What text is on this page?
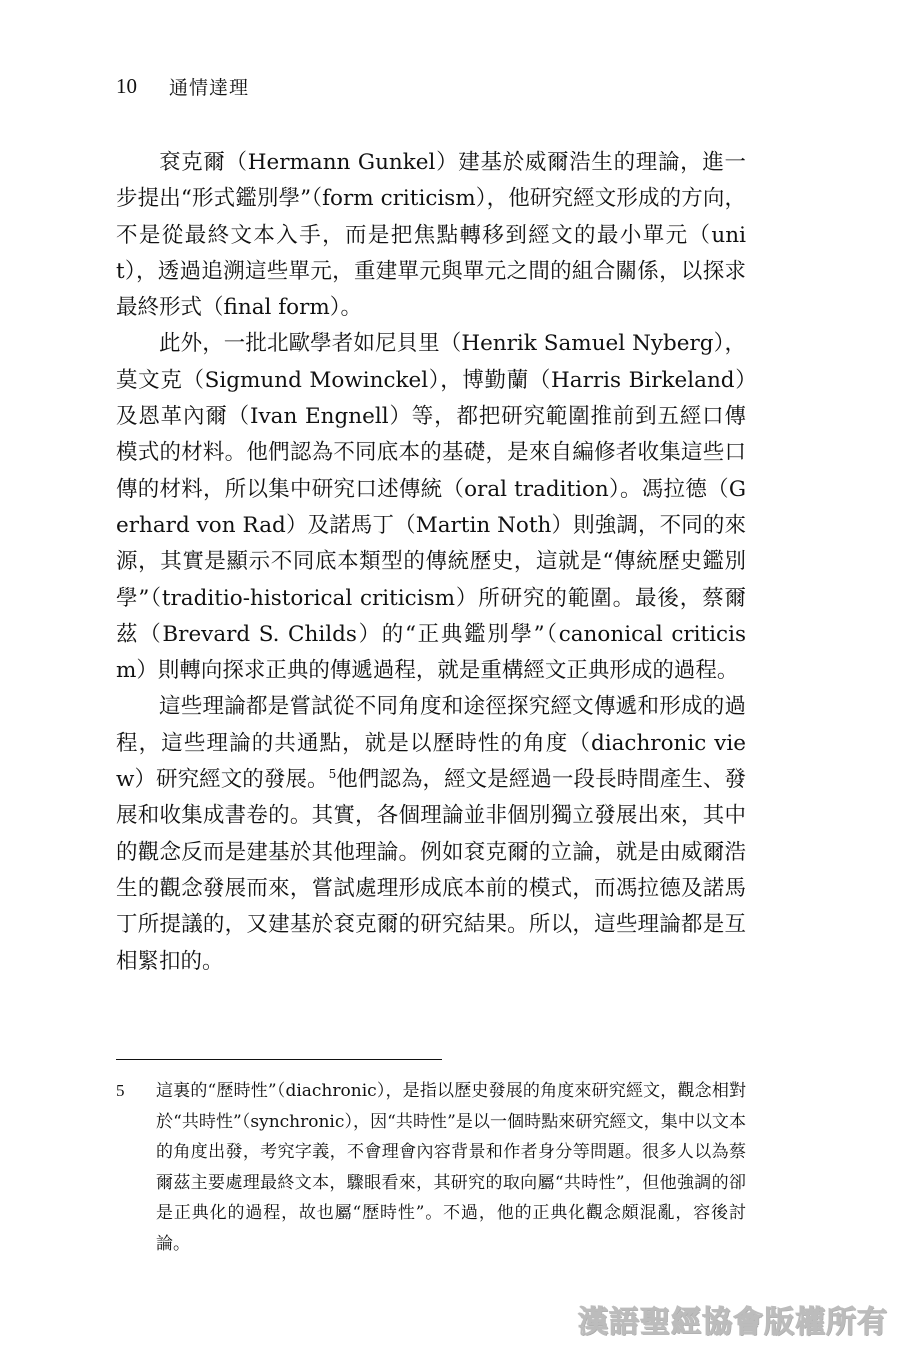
10 通情達理

袞克爾（Hermann Gunkel）建基於威爾浩生的理論，進一步提出“形式鑑別學”（form criticism），他研究經文形成的方向，不是從最終文本入手，而是把焦點轉移到經文的最小單元（unit），透過追溯這些單元，重建單元與單元之間的組合關係，以探求最終形式（final form）。

此外，一批北歐學者如尼貝里（Henrik Samuel Nyberg），莫文克（Sigmund Mowinckel），博勤蘭（Harris Birkeland）及恩革內爾（Ivan Engnell）等，都把研究範圍推前到五經口傳模式的材料。他們認為不同底本的基礎，是來自編修者收集這些口傳的材料，所以集中研究口述傳統（oral tradition）。馮拉德（Gerhard von Rad）及諾馬丁（Martin Noth）則強調，不同的來源，其實是顯示不同底本類型的傳統歷史，這就是“傳統歷史鑑別學”（traditio-historical criticism）所研究的範圍。最後，蔡爾茲（Brevard S. Childs）的“正典鑑別學”（canonical criticism）則轉向探求正典的傳遞過程，就是重構經文正典形成的過程。

這些理論都是嘗試從不同角度和途徑探究經文傳遞和形成的過程，這些理論的共通點，就是以歷時性的角度（diachronic view）研究經文的發展。$^5$他們認為，經文是經過一段長時間產生、發展和收集成書卷的。其實，各個理論並非個別獨立發展出來，其中的觀念反而是建基於其他理論。例如袞克爾的立論，就是由威爾浩生的觀念發展而來，嘗試處理形成底本前的模式，而馮拉德及諾馬丁所提議的，又建基於袞克爾的研究結果。所以，這些理論都是互相緊扣的。

5	這裏的“歷時性”（diachronic），是指以歷史發展的角度來研究經文，觀念相對於“共時性”（synchronic），因“共時性”是以一個時點來研究經文，集中以文本的角度出發，考究字義，不會理會內容背景和作者身分等問題。很多人以為蔡爾茲主要處理最終文本，驟眼看來，其研究的取向屬“共時性”，但他強調的卻是正典化的過程，故也屬“歷時性”。不過，他的正典化觀念頗混亂，容後討論。

漢語聖經協會版權所有
